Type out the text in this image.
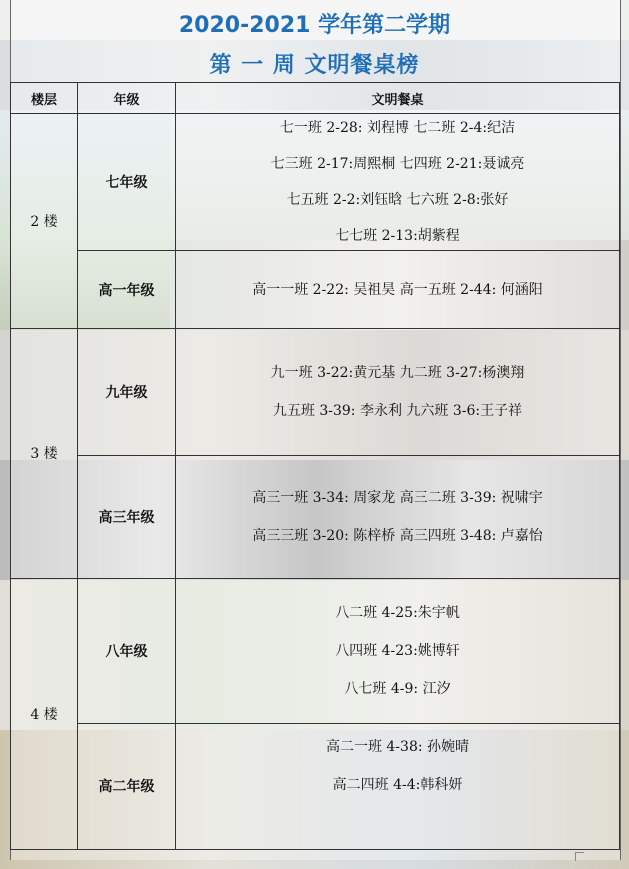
2020-2021 学年第二学期
第 一 周 文明餐桌榜
楼层	年级	文明餐桌
2 楼	七年级	七一班 2-28: 刘程博 七二班 2-4:纪洁

七三班 2-17:周熙桐 七四班 2-21:聂诚亮

七五班 2-2:刘钰晗 七六班 2-8:张好

七七班 2-13:胡紫程

	高一年级	高一一班 2-22: 吴祖昊 高一五班 2-44: 何涵阳

3 楼	九年级	九一班 3-22:黄元基 九二班 3-27:杨澳翔

九五班 3-39: 李永利 九六班 3-6:王子祥

	高三年级	高三一班 3-34: 周家龙 高三二班 3-39: 祝啸宇

高三三班 3-20: 陈梓桥 高三四班 3-48: 卢嘉怡

4 楼	八年级	八二班 4-25:朱宇帆

八四班 4-23:姚博轩

八七班 4-9: 江汐

	高二年级	高二一班 4-38: 孙婉晴

高二四班 4-4:韩科妍
